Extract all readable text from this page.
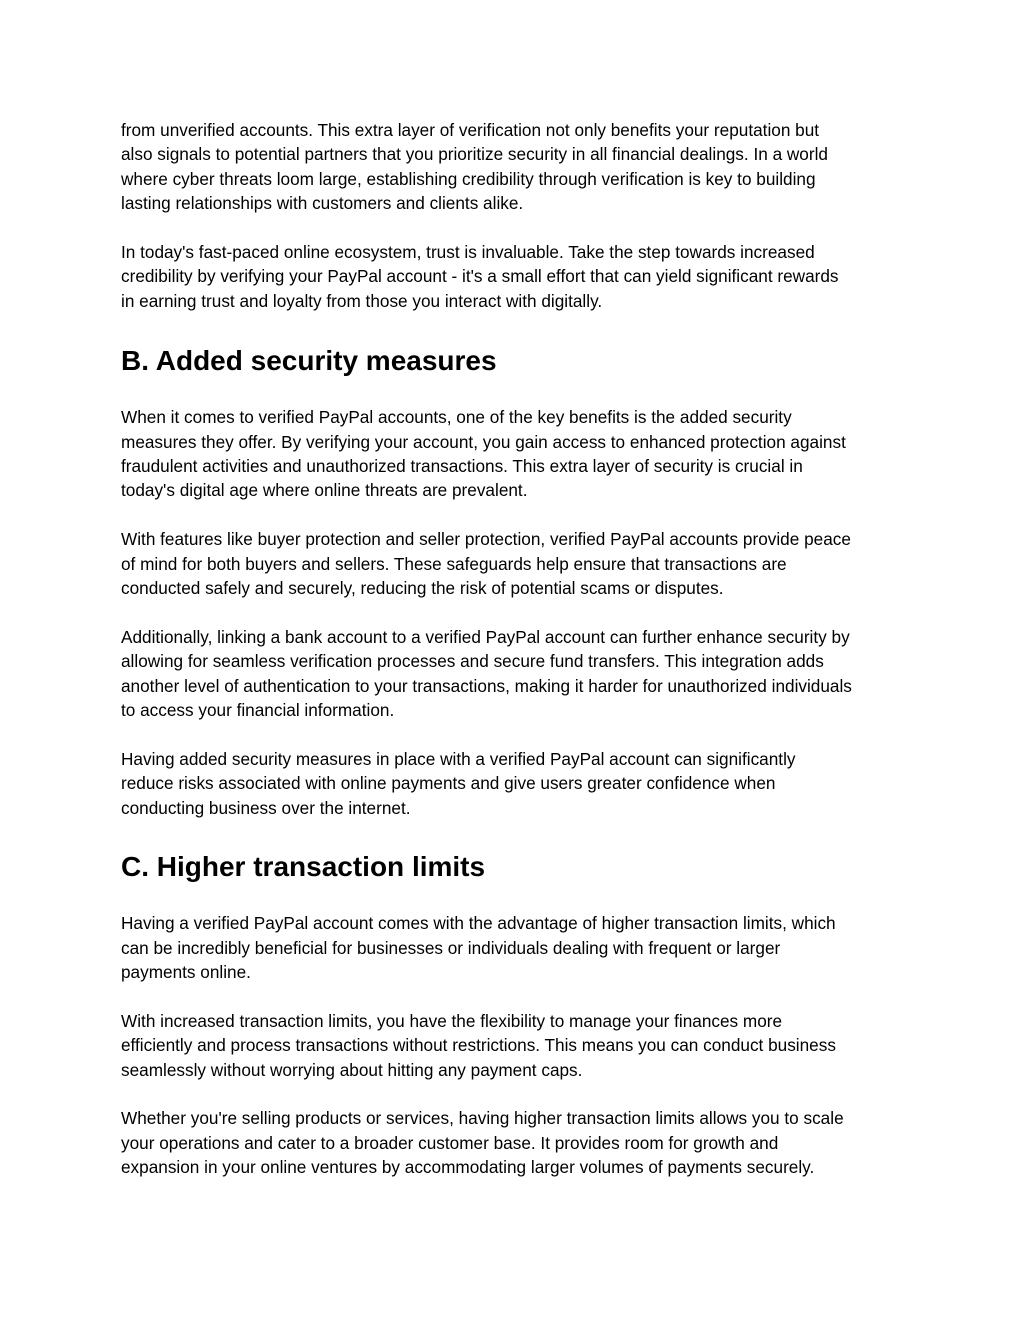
from unverified accounts. This extra layer of verification not only benefits your reputation but
also signals to potential partners that you prioritize security in all financial dealings. In a world
where cyber threats loom large, establishing credibility through verification is key to building
lasting relationships with customers and clients alike.

In today's fast-paced online ecosystem, trust is invaluable. Take the step towards increased
credibility by verifying your PayPal account - it's a small effort that can yield significant rewards
in earning trust and loyalty from those you interact with digitally.

B. Added security measures

When it comes to verified PayPal accounts, one of the key benefits is the added security
measures they offer. By verifying your account, you gain access to enhanced protection against
fraudulent activities and unauthorized transactions. This extra layer of security is crucial in
today's digital age where online threats are prevalent.

With features like buyer protection and seller protection, verified PayPal accounts provide peace
of mind for both buyers and sellers. These safeguards help ensure that transactions are
conducted safely and securely, reducing the risk of potential scams or disputes.

Additionally, linking a bank account to a verified PayPal account can further enhance security by
allowing for seamless verification processes and secure fund transfers. This integration adds
another level of authentication to your transactions, making it harder for unauthorized individuals
to access your financial information.

Having added security measures in place with a verified PayPal account can significantly
reduce risks associated with online payments and give users greater confidence when
conducting business over the internet.

C. Higher transaction limits

Having a verified PayPal account comes with the advantage of higher transaction limits, which
can be incredibly beneficial for businesses or individuals dealing with frequent or larger
payments online.

With increased transaction limits, you have the flexibility to manage your finances more
efficiently and process transactions without restrictions. This means you can conduct business
seamlessly without worrying about hitting any payment caps.

Whether you're selling products or services, having higher transaction limits allows you to scale
your operations and cater to a broader customer base. It provides room for growth and
expansion in your online ventures by accommodating larger volumes of payments securely.
